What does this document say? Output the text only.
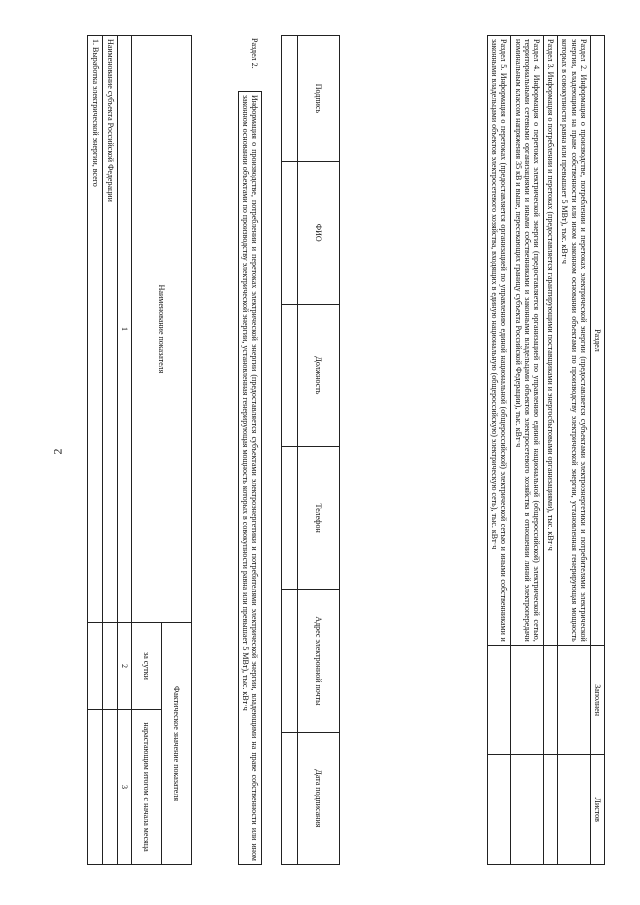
2
Раздел	Заполнен	Листов
Раздел 2. Информация о производстве, потреблении и перетоках электрической энергии (предоставляется субъектами электроэнергетики и потребителями электрической энергии, владеющими на праве собственности или ином законном основании объектами по производству электрической энергии, установленная генерирующая мощность которых в совокупности равна или превышает 5 МВт), тыс. кВт·ч		
Раздел 3. Информация о потреблении и перетоках (предоставляется гарантирующими поставщиками и энергосбытовыми организациями), тыс. кВт·ч		
Раздел 4. Информация о перетоках электрической энергии (предоставляется организацией по управлению единой национальной (общероссийской) электрической сетью, территориальными сетевыми организациями и иными собственниками и законными владельцами объектов электросетевого хозяйства в отношении линий электропередачи номинальным классом напряжения 35 кВ и выше, пересекающих границу субъекта Российской Федерации), тыс. кВт·ч		
Раздел 5. Информация о перетоках (предоставляется организацией по управлению единой национальной (общероссийской) электрической сетью и иными собственниками и законными владельцами объектов электросетевого хозяйства, входящих в единую национальную (общероссийскую) электрическую сеть), тыс. кВт·ч		
Подпись	ФИО	Должность	Телефон	Адрес электронной почты	Дата подписания

Раздел 2.	Информация о производстве, потреблении и перетоках электрической энергии (предоставляется субъектами электроэнергетики и потребителями электрической энергии, владеющими на праве собственности или ином законном основании объектами по производству электрической энергии, установленная генерирующая мощность которых в совокупности равна или превышает 5 МВт), тыс. кВт·ч
Наименование показателя	Фактическое значение показателя	
	за сутки	нарастающим итогом с начала месяца
1	2	3
Наименование субъекта Российской Федерации		
1. Выработка электрической энергии, всего		
